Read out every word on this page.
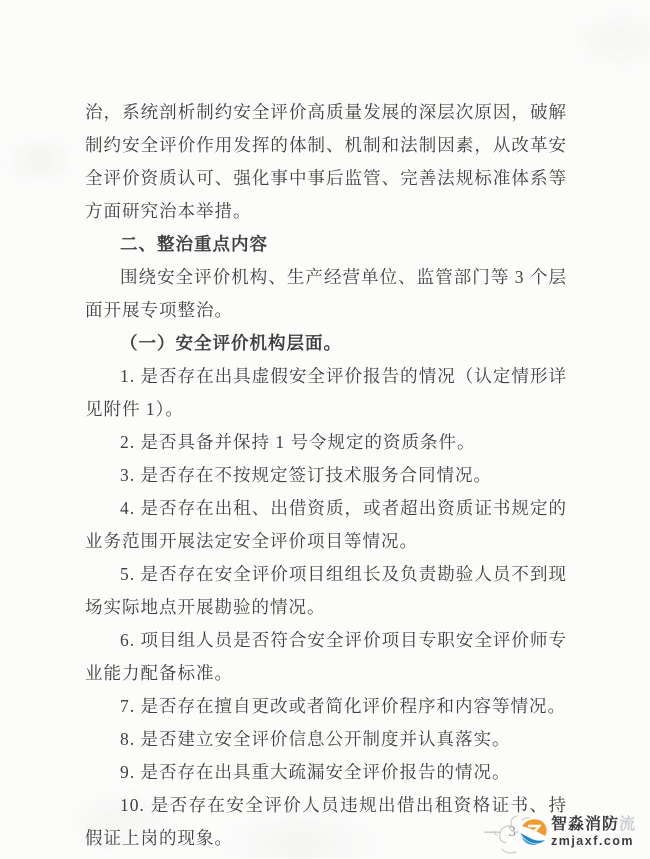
治，系统剖析制约安全评价高质量发展的深层次原因，破解制约安全评价作用发挥的体制、机制和法制因素，从改革安全评价资质认可、强化事中事后监管、完善法规标准体系等方面研究治本举措。

二、整治重点内容

围绕安全评价机构、生产经营单位、监管部门等 3 个层面开展专项整治。

（一）安全评价机构层面。

1. 是否存在出具虚假安全评价报告的情况（认定情形详见附件 1）。

2. 是否具备并保持 1 号令规定的资质条件。

3. 是否存在不按规定签订技术服务合同情况。

4. 是否存在出租、出借资质，或者超出资质证书规定的业务范围开展法定安全评价项目等情况。

5. 是否存在安全评价项目组组长及负责勘验人员不到现场实际地点开展勘验的情况。

6. 项目组人员是否符合安全评价项目专职安全评价师专业能力配备标准。

7. 是否存在擅自更改或者简化评价程序和内容等情况。

8. 是否建立安全评价信息公开制度并认真落实。

9. 是否存在出具重大疏漏安全评价报告的情况。

10. 是否存在安全评价人员违规出借出租资格证书、持假证上岗的现象。	— 3 智淼消防流
zmjaxf.com
